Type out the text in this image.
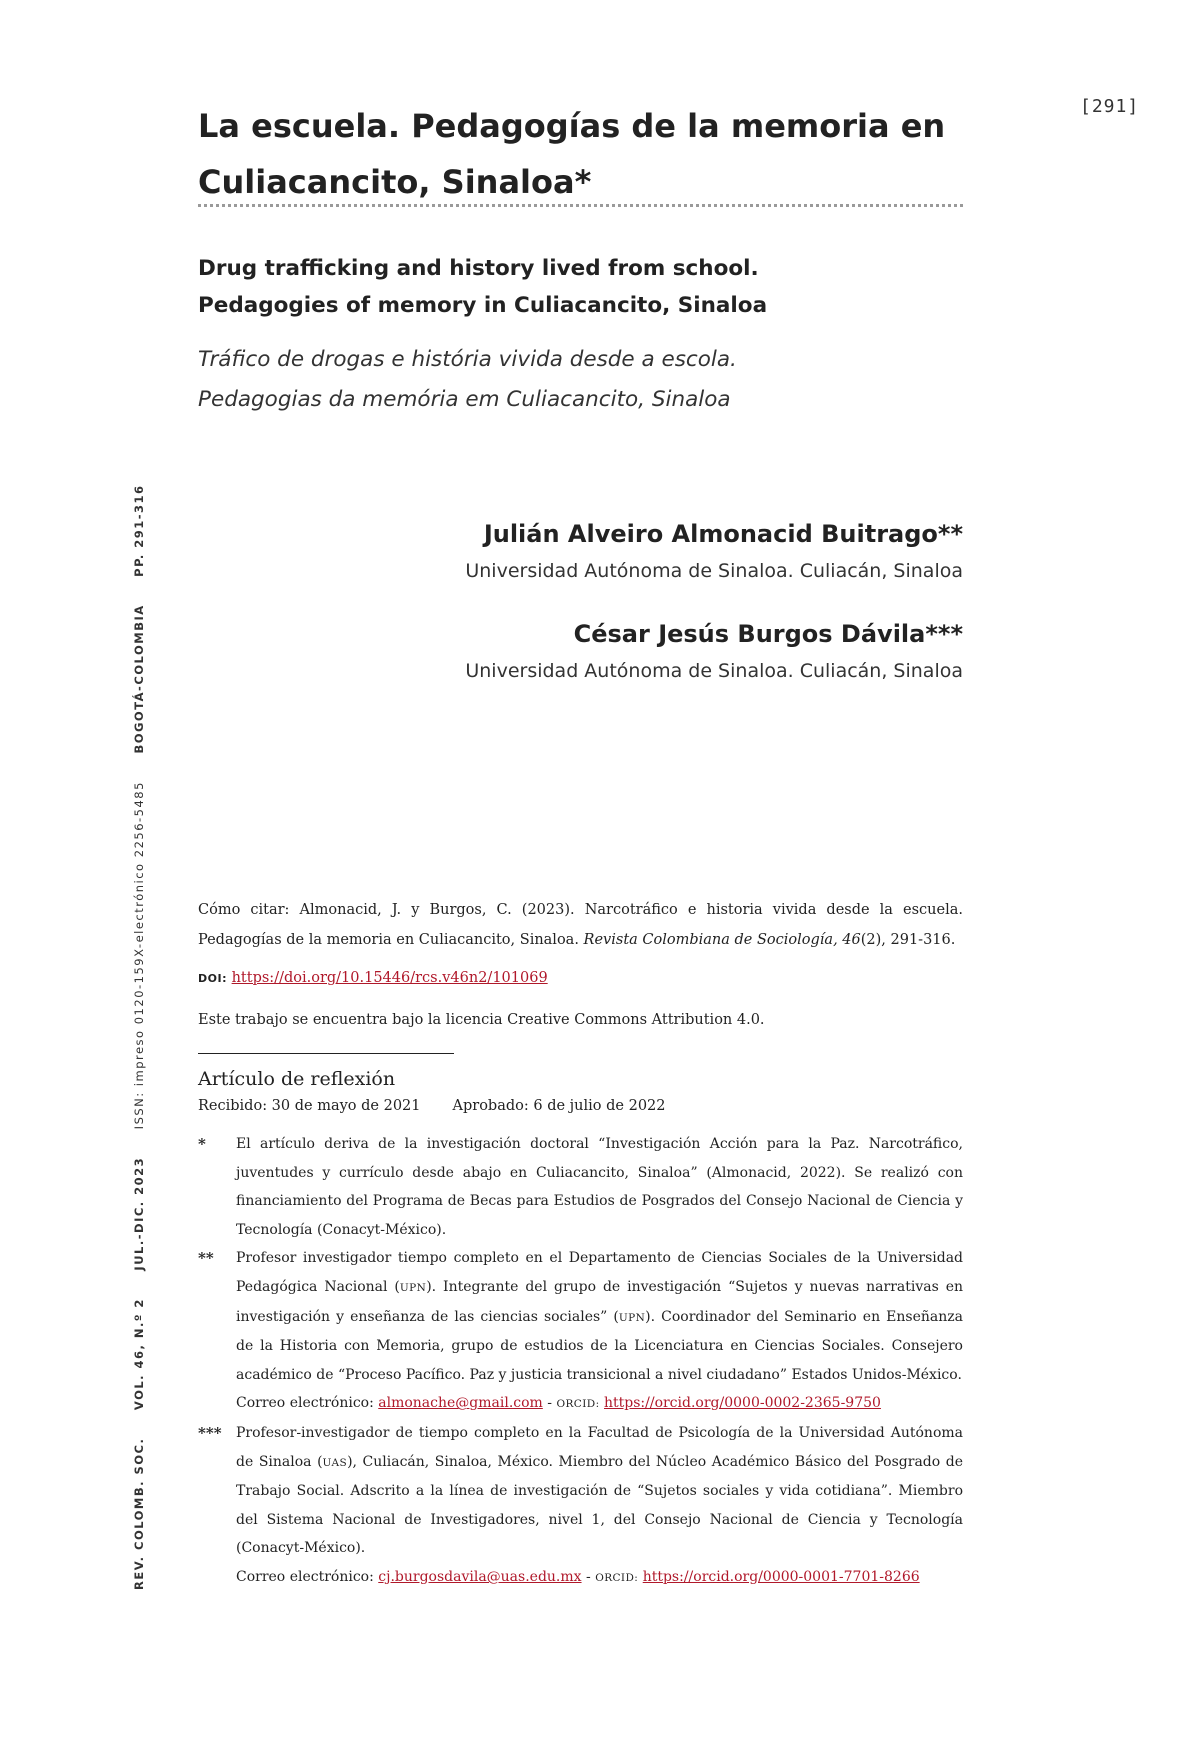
[291]
REV. COLOMB. SOC. VOL. 46, N.º 2 JUL.-DIC. 2023 ISSN: impreso 0120-159X-electrónico 2256-5485 BOGOTÁ-COLOMBIA PP. 291-316
La escuela. Pedagogías de la memoria en
Culiacancito, Sinaloa*
Drug trafficking and history lived from school.
Pedagogies of memory in Culiacancito, Sinaloa
Tráfico de drogas e história vivida desde a escola.
Pedagogias da memória em Culiacancito, Sinaloa
Julián Alveiro Almonacid Buitrago**
Universidad Autónoma de Sinaloa. Culiacán, Sinaloa
César Jesús Burgos Dávila***
Universidad Autónoma de Sinaloa. Culiacán, Sinaloa
Cómo citar: Almonacid, J. y Burgos, C. (2023). Narcotráfico e historia vivida desde la escuela. Pedagogías de la memoria en Culiacancito, Sinaloa. Revista Colombiana de Sociología, 46(2), 291-316.
DOI: https://doi.org/10.15446/rcs.v46n2/101069
Este trabajo se encuentra bajo la licencia Creative Commons Attribution 4.0.
Artículo de reflexión
Recibido: 30 de mayo de 2021 Aprobado: 6 de julio de 2022
* El artículo deriva de la investigación doctoral “Investigación Acción para la Paz. Narcotráfico, juventudes y currículo desde abajo en Culiacancito, Sinaloa” (Almonacid, 2022). Se realizó con financiamiento del Programa de Becas para Estudios de Posgrados del Consejo Nacional de Ciencia y Tecnología (Conacyt-México).
** Profesor investigador tiempo completo en el Departamento de Ciencias Sociales de la Universidad Pedagógica Nacional (UPN). Integrante del grupo de investigación “Sujetos y nuevas narrativas en investigación y enseñanza de las ciencias sociales” (UPN). Coordinador del Seminario en Enseñanza de la Historia con Memoria, grupo de estudios de la Licenciatura en Ciencias Sociales. Consejero académico de “Proceso Pacífico. Paz y justicia transicional a nivel ciudadano” Estados Unidos-México.
Correo electrónico: almonache@gmail.com - ORCID: https://orcid.org/0000-0002-2365-9750
*** Profesor-investigador de tiempo completo en la Facultad de Psicología de la Universidad Autónoma de Sinaloa (UAS), Culiacán, Sinaloa, México. Miembro del Núcleo Académico Básico del Posgrado de Trabajo Social. Adscrito a la línea de investigación de “Sujetos sociales y vida cotidiana”. Miembro del Sistema Nacional de Investigadores, nivel 1, del Consejo Nacional de Ciencia y Tecnología (Conacyt-México).
Correo electrónico: cj.burgosdavila@uas.edu.mx - ORCID: https://orcid.org/0000-0001-7701-8266
